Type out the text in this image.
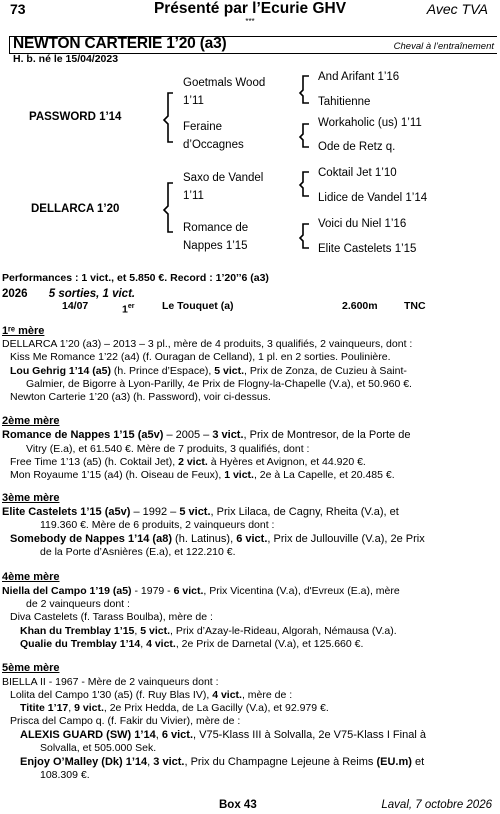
73	Présenté par l’Ecurie GHV	Avec TVA
***
NEWTON CARTERIE 1’20 (a3)	Cheval à l’entraînement
H. b. né le 15/04/2023
PASSWORD 1’14
DELLARCA 1’20
Goetmals Wood
1’11
Feraine
d’Occagnes
Saxo de Vandel
1’11
Romance de
Nappes 1’15
And Arifant 1’16
Tahitienne
Workaholic (us) 1’11
Ode de Retz q.
Coktail Jet 1’10
Lidice de Vandel 1’14
Voici du Niel 1’16
Elite Castelets 1’15
Performances : 1 vict., et 5.850 €. Record : 1’20’’6 (a3)
2026 5 sorties, 1 vict.
14/07	1er	Le Touquet (a)	2.600m	TNC
1ʳᵉ mère
DELLARCA 1’20 (a3) – 2013 – 3 pl., mère de 4 produits, 3 qualifiés, 2 vainqueurs, dont :
Kiss Me Romance 1’22 (a4) (f. Ouragan de Celland), 1 pl. en 2 sorties. Poulinière.
Lou Gehrig 1’14 (a5) (h. Prince d’Espace), 5 vict., Prix de Zonza, de Cuzieu à Saint-
Galmier, de Bigorre à Lyon-Parilly, 4e Prix de Flogny-la-Chapelle (V.a), et 50.960 €.
Newton Carterie 1’20 (a3) (h. Password), voir ci-dessus.
2ème mère
Romance de Nappes 1’15 (a5v) – 2005 – 3 vict., Prix de Montresor, de la Porte de
Vitry (E.a), et 61.540 €. Mère de 7 produits, 3 qualifiés, dont :
Free Time 1’13 (a5) (h. Coktail Jet), 2 vict. à Hyères et Avignon, et 44.920 €.
Mon Royaume 1’15 (a4) (h. Oiseau de Feux), 1 vict., 2e à La Capelle, et 20.485 €.
3ème mère
Elite Castelets 1’15 (a5v) – 1992 – 5 vict., Prix Lilaca, de Cagny, Rheita (V.a), et
119.360 €. Mère de 6 produits, 2 vainqueurs dont :
Somebody de Nappes 1’14 (a8) (h. Latinus), 6 vict., Prix de Jullouville (V.a), 2e Prix
de la Porte d’Asnières (E.a), et 122.210 €.
4ème mère
Niella del Campo 1’19 (a5) - 1979 - 6 vict., Prix Vicentina (V.a), d'Evreux (E.a), mère
de 2 vainqueurs dont :
Diva Castelets (f. Tarass Boulba), mère de :
Khan du Tremblay 1’15, 5 vict., Prix d’Azay-le-Rideau, Algorah, Némausa (V.a).
Qualie du Tremblay 1’14, 4 vict., 2e Prix de Darnetal (V.a), et 125.660 €.
5ème mère
BIELLA II - 1967 - Mère de 2 vainqueurs dont :
Lolita del Campo 1'30 (a5) (f. Ruy Blas IV), 4 vict., mère de :
Titite 1’17, 9 vict., 2e Prix Hedda, de La Gacilly (V.a), et 92.979 €.
Prisca del Campo q. (f. Fakir du Vivier), mère de :
ALEXIS GUARD (SW) 1’14, 6 vict., V75-Klass III à Solvalla, 2e V75-Klass I Final à
Solvalla, et 505.000 Sek.
Enjoy O’Malley (Dk) 1’14, 3 vict., Prix du Champagne Lejeune à Reims (EU.m) et
108.309 €.
Box 43	Laval, 7 octobre 2026
